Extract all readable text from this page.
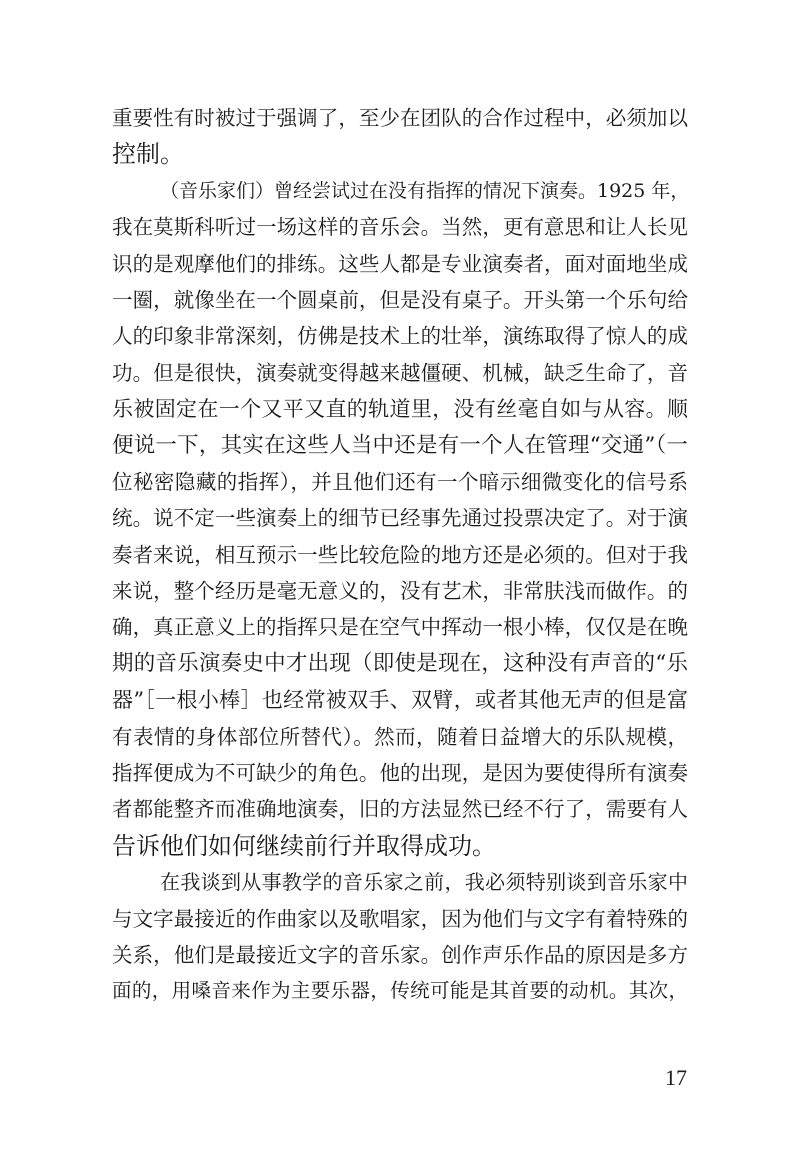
重要性有时被过于强调了，至少在团队的合作过程中，必须加以
控制。
（音乐家们）曾经尝试过在没有指挥的情况下演奏。1925 年，
我在莫斯科听过一场这样的音乐会。当然，更有意思和让人长见
识的是观摩他们的排练。这些人都是专业演奏者，面对面地坐成
一圈，就像坐在一个圆桌前，但是没有桌子。开头第一个乐句给
人的印象非常深刻，仿佛是技术上的壮举，演练取得了惊人的成
功。但是很快，演奏就变得越来越僵硬、机械，缺乏生命了，音
乐被固定在一个又平又直的轨道里，没有丝毫自如与从容。顺
便说一下，其实在这些人当中还是有一个人在管理“交通”（一
位秘密隐藏的指挥），并且他们还有一个暗示细微变化的信号系
统。说不定一些演奏上的细节已经事先通过投票决定了。对于演
奏者来说，相互预示一些比较危险的地方还是必须的。但对于我
来说，整个经历是毫无意义的，没有艺术，非常肤浅而做作。的
确，真正意义上的指挥只是在空气中挥动一根小棒，仅仅是在晚
期的音乐演奏史中才出现（即使是现在，这种没有声音的“乐
器”［一根小棒］也经常被双手、双臂，或者其他无声的但是富
有表情的身体部位所替代）。然而，随着日益增大的乐队规模，
指挥便成为不可缺少的角色。他的出现，是因为要使得所有演奏
者都能整齐而准确地演奏，旧的方法显然已经不行了，需要有人
告诉他们如何继续前行并取得成功。
在我谈到从事教学的音乐家之前，我必须特别谈到音乐家中
与文字最接近的作曲家以及歌唱家，因为他们与文字有着特殊的
关系，他们是最接近文字的音乐家。创作声乐作品的原因是多方
面的，用嗓音来作为主要乐器，传统可能是其首要的动机。其次，
17
